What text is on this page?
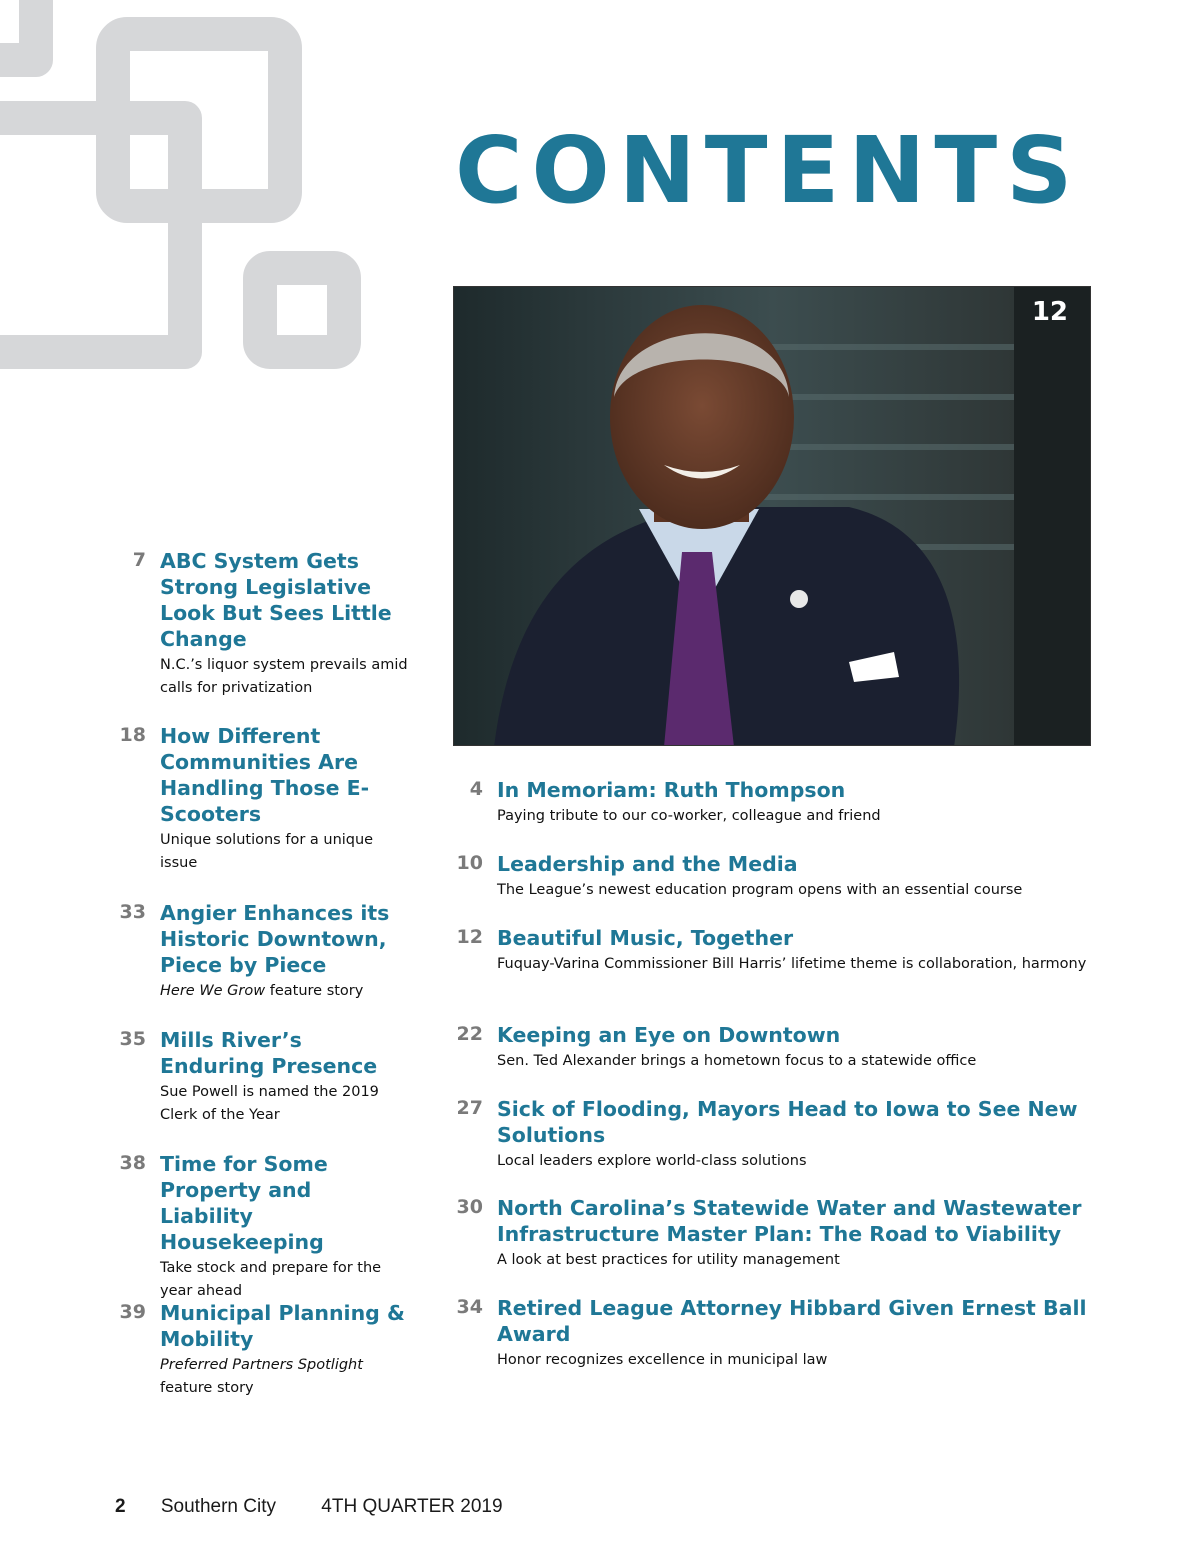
CONTENTS
12
7 ABC System Gets Strong Legislative Look But Sees Little Change
N.C.’s liquor system prevails amid calls for privatization
18 How Different Communities Are Handling Those E-Scooters
Unique solutions for a unique issue
33 Angier Enhances its Historic Downtown, Piece by Piece
Here We Grow feature story
35 Mills River’s Enduring Presence
Sue Powell is named the 2019 Clerk of the Year
38 Time for Some Property and Liability Housekeeping
Take stock and prepare for the year ahead
39 Municipal Planning & Mobility
Preferred Partners Spotlight
feature story
4 In Memoriam: Ruth Thompson
Paying tribute to our co-worker, colleague and friend
10 Leadership and the Media
The League’s newest education program opens with an essential course
12 Beautiful Music, Together
Fuquay-Varina Commissioner Bill Harris’ lifetime theme is collaboration, harmony
22 Keeping an Eye on Downtown
Sen. Ted Alexander brings a hometown focus to a statewide office
27 Sick of Flooding, Mayors Head to Iowa to See New Solutions
Local leaders explore world-class solutions
30 North Carolina’s Statewide Water and Wastewater Infrastructure Master Plan: The Road to Viability
A look at best practices for utility management
34 Retired League Attorney Hibbard Given Ernest Ball Award
Honor recognizes excellence in municipal law
2 Southern City 4TH QUARTER 2019
